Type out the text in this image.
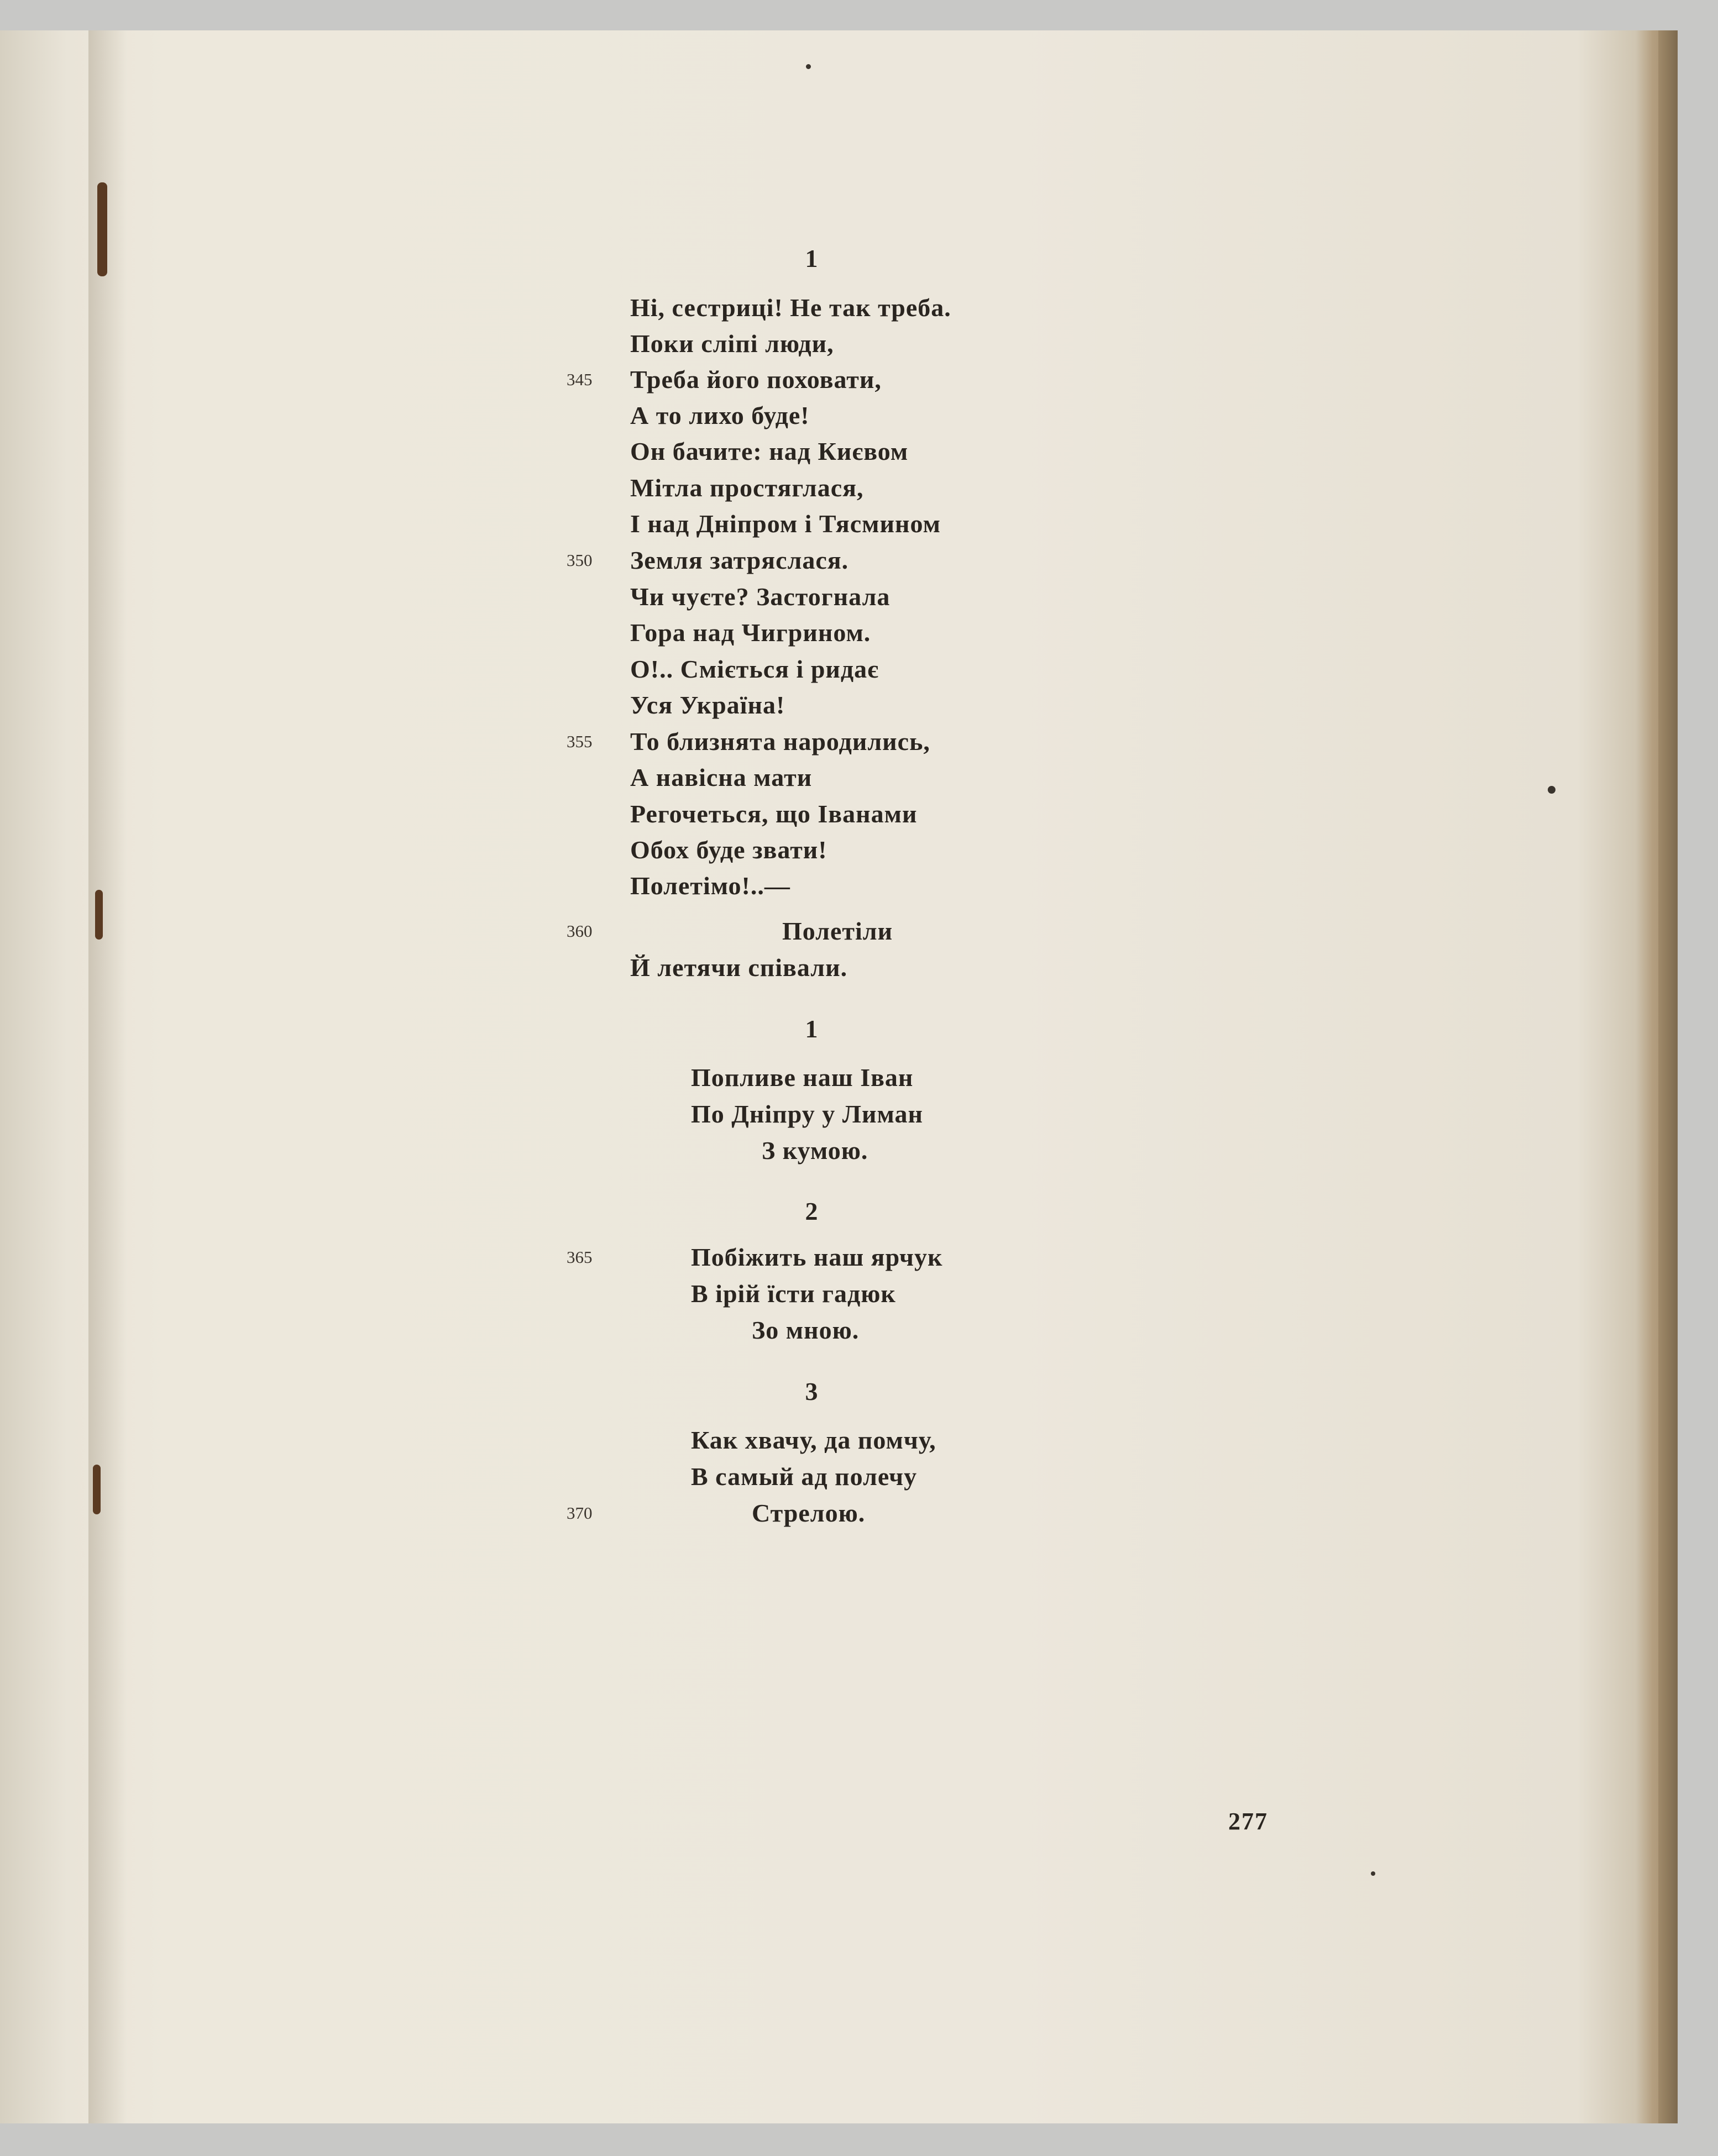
1
Ні, сестриці! Не так треба.
Поки сліпі люди,
345 Треба його поховати,
А то лихо буде!
Он бачите: над Києвом
Мітла простяглася,
І над Дніпром і Тясмином
350 Земля затряслася.
Чи чуєте? Застогнала
Гора над Чигрином.
О!.. Сміється і ридає
Уся Україна!
355 То близнята народились,
А навісна мати
Регочеться, що Іванами
Обох буде звати!
Полетімо!..—
360	Полетіли
Й летячи співали.
1
Попливе наш Іван
По Дніпру у Лиман
З кумою.
2
365	Побіжить наш ярчук
В ірій їсти гадюк
Зо мною.
3
Как хвачу, да помчу,
В самый ад полечу
370	Стрелою.
277
